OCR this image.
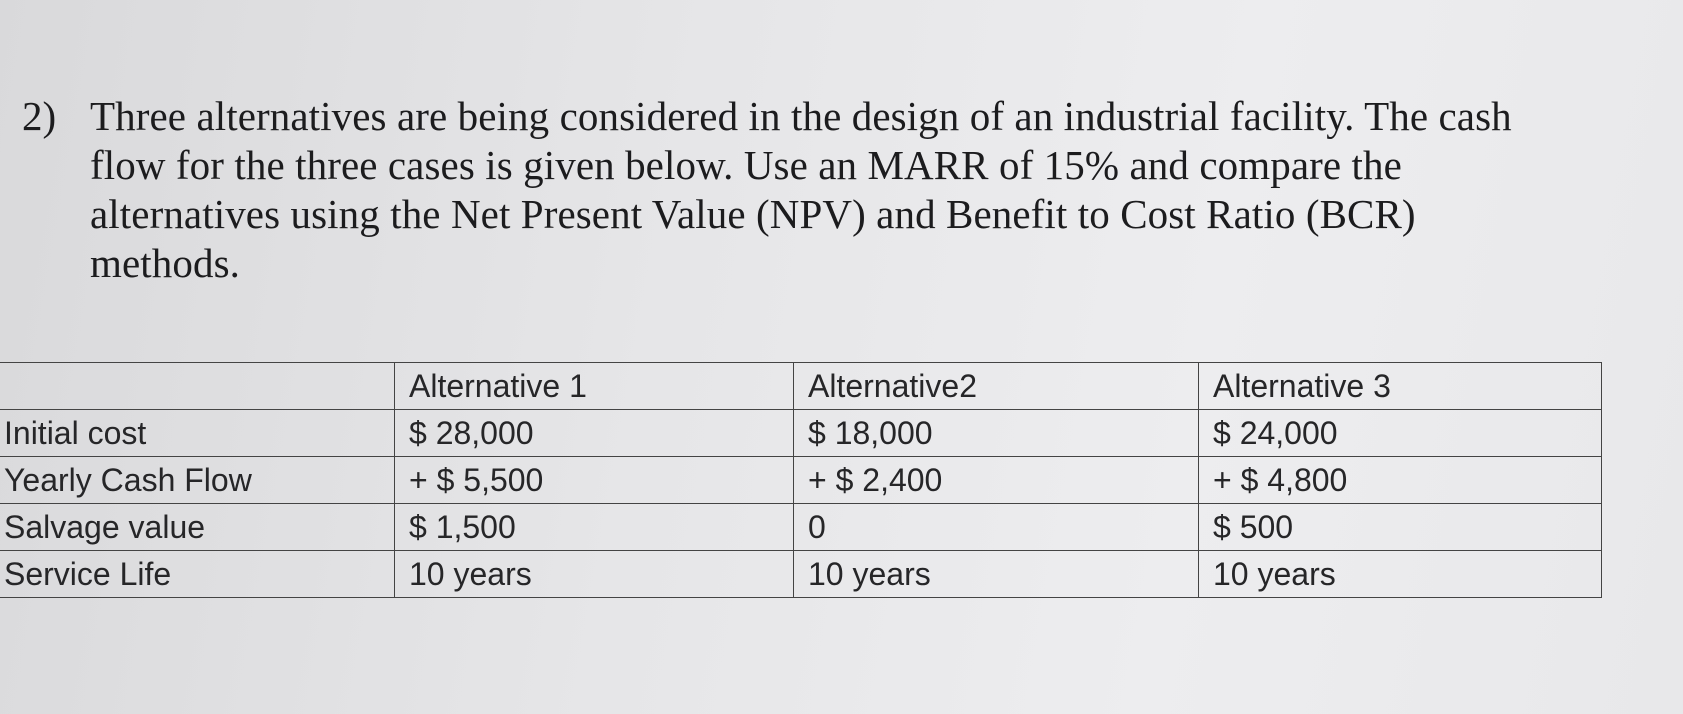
2) Three alternatives are being considered in the design of an industrial facility. The cash
flow for the three cases is given below. Use an MARR of 15% and compare the
alternatives using the Net Present Value (NPV) and Benefit to Cost Ratio (BCR)
methods.
	Alternative 1	Alternative2	Alternative 3
Initial cost	$ 28,000	$ 18,000	$ 24,000
Yearly Cash Flow	+ $ 5,500	+ $ 2,400	+ $ 4,800
Salvage value	$ 1,500	0	$ 500
Service Life	10 years	10 years	10 years
